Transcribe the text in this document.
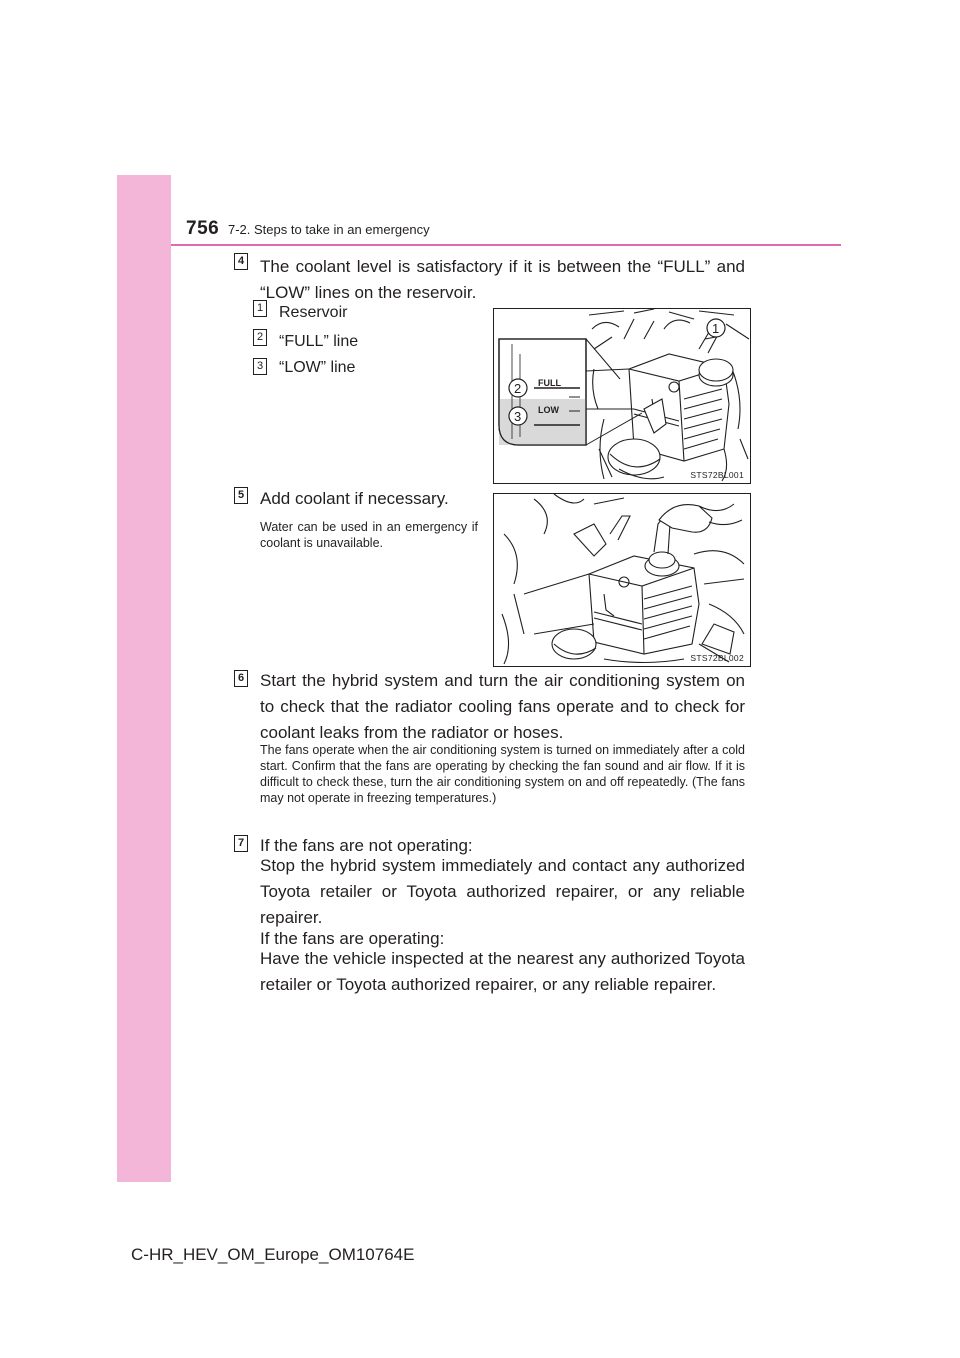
756 7-2. Steps to take in an emergency
4 The coolant level is satisfactory if it is between the “FULL” and “LOW” lines on the reservoir.
1 Reservoir
2 “FULL” line
3 “LOW” line
FULL
LOW
2
3
1
STS72BL001
5 Add coolant if necessary.
Water can be used in an emergency if coolant is unavailable.
STS72BL002
6 Start the hybrid system and turn the air conditioning system on to check that the radiator cooling fans operate and to check for coolant leaks from the radiator or hoses.
The fans operate when the air conditioning system is turned on immediately after a cold start. Confirm that the fans are operating by checking the fan sound and air flow. If it is difficult to check these, turn the air conditioning system on and off repeatedly. (The fans may not operate in freezing temperatures.)
7 If the fans are not operating:
Stop the hybrid system immediately and contact any authorized Toyota retailer or Toyota authorized repairer, or any reliable repairer.
If the fans are operating:
Have the vehicle inspected at the nearest any authorized Toyota retailer or Toyota authorized repairer, or any reliable repairer.
C-HR_HEV_OM_Europe_OM10764E
